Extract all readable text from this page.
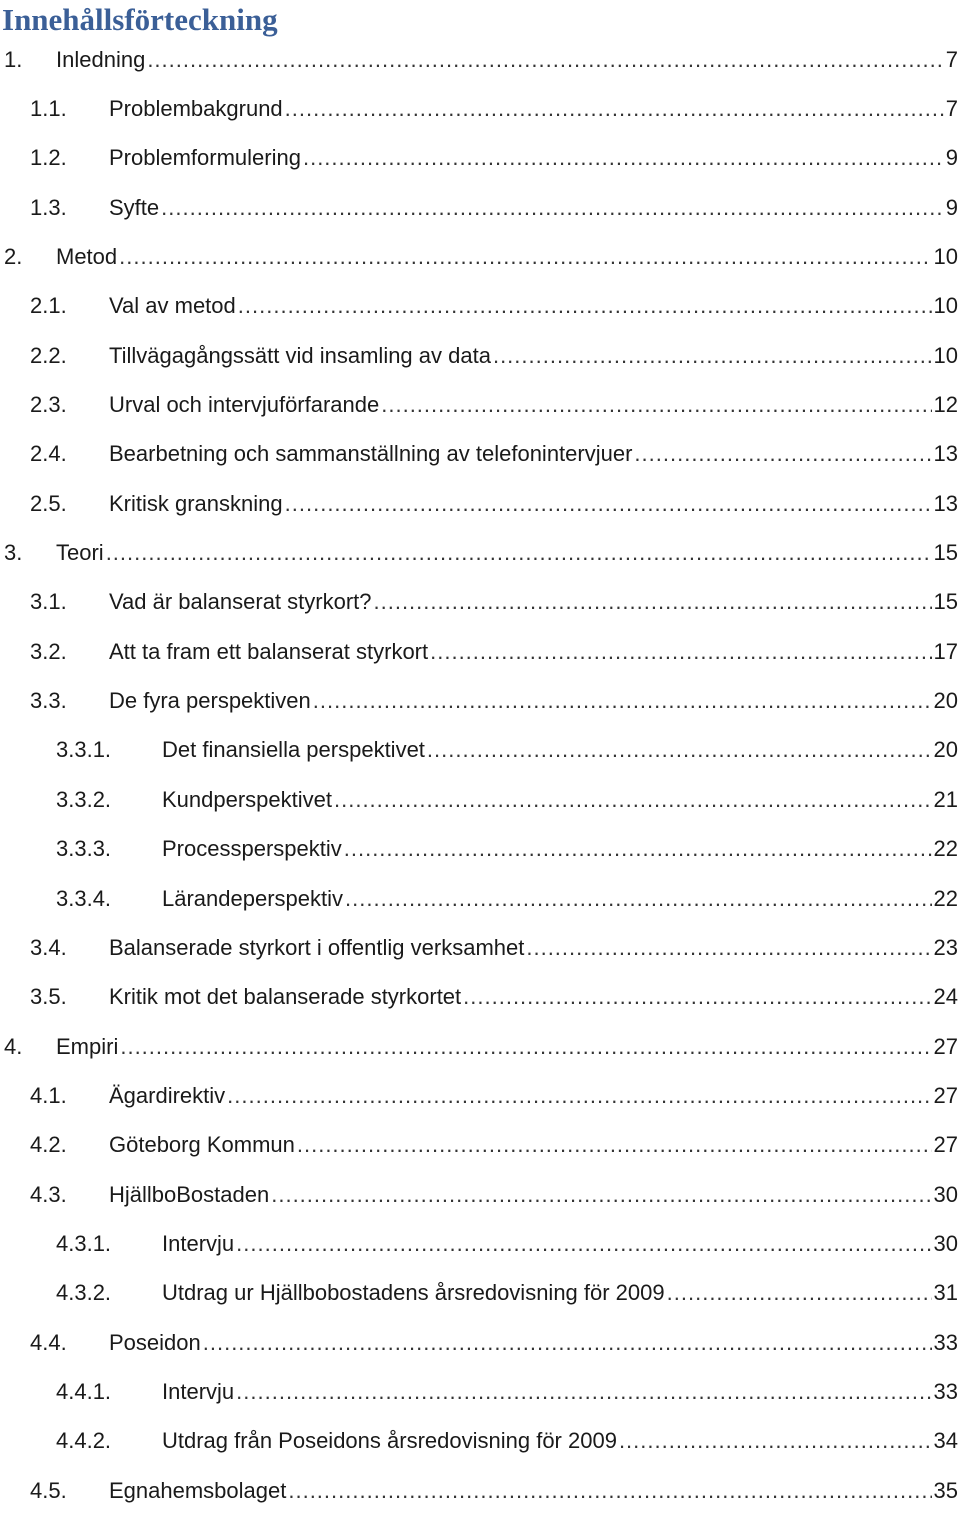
Innehållsförteckning
1. Inledning .....	7
1.1. Problembakgrund .....	7
1.2. Problemformulering .....	9
1.3. Syfte .....	9
2. Metod .....	10
2.1. Val av metod .....	10
2.2. Tillvägagångssätt vid insamling av data .....	10
2.3. Urval och intervjuförfarande .....	12
2.4. Bearbetning och sammanställning av telefonintervjuer .....	13
2.5. Kritisk granskning .....	13
3. Teori .....	15
3.1. Vad är balanserat styrkort? .....	15
3.2. Att ta fram ett balanserat styrkort .....	17
3.3. De fyra perspektiven .....	20
3.3.1. Det finansiella perspektivet .....	20
3.3.2. Kundperspektivet .....	21
3.3.3. Processperspektiv .....	22
3.3.4. Lärandeperspektiv .....	22
3.4. Balanserade styrkort i offentlig verksamhet .....	23
3.5. Kritik mot det balanserade styrkortet .....	24
4. Empiri .....	27
4.1. Ägardirektiv .....	27
4.2. Göteborg Kommun .....	27
4.3. HjällboBostaden .....	30
4.3.1. Intervju .....	30
4.3.2. Utdrag ur Hjällbobostadens årsredovisning för 2009 .....	31
4.4. Poseidon .....	33
4.4.1. Intervju .....	33
4.4.2. Utdrag från Poseidons årsredovisning för 2009 .....	34
4.5. Egnahemsbolaget .....	35
